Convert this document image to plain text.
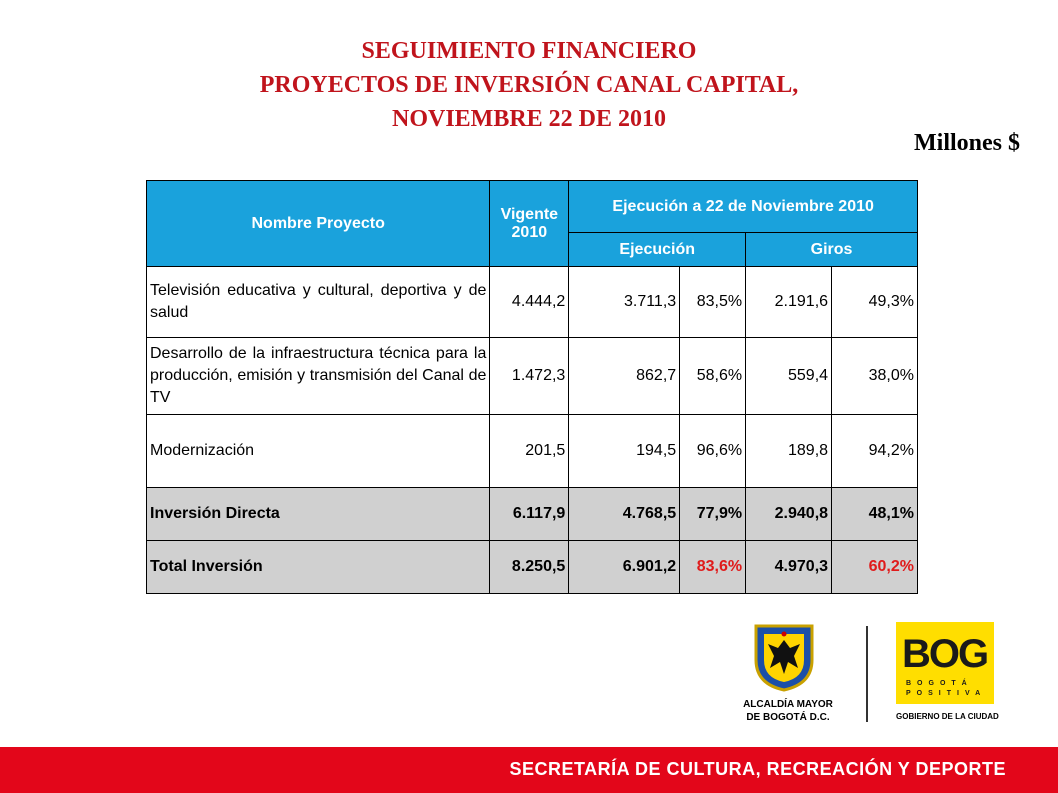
SEGUIMIENTO FINANCIERO
PROYECTOS DE INVERSIÓN CANAL CAPITAL,
NOVIEMBRE 22 DE 2010
Millones $
Nombre Proyecto	Vigente 2010	Ejecución a 22 de Noviembre 2010			
		Ejecución		Giros	
Televisión educativa y cultural, deportiva y de salud	4.444,2	3.711,3	83,5%	2.191,6	49,3%
Desarrollo de la infraestructura técnica para la producción, emisión y transmisión del Canal de TV	1.472,3	862,7	58,6%	559,4	38,0%
Modernización	201,5	194,5	96,6%	189,8	94,2%
Inversión Directa	6.117,9	4.768,5	77,9%	2.940,8	48,1%
Total Inversión	8.250,5	6.901,2	83,6%	4.970,3	60,2%
ALCALDÍA MAYOR
DE BOGOTÁ D.C.
BOG
BOGOTÁ
POSITIVA
GOBIERNO DE LA CIUDAD
SECRETARÍA DE CULTURA, RECREACIÓN Y DEPORTE
